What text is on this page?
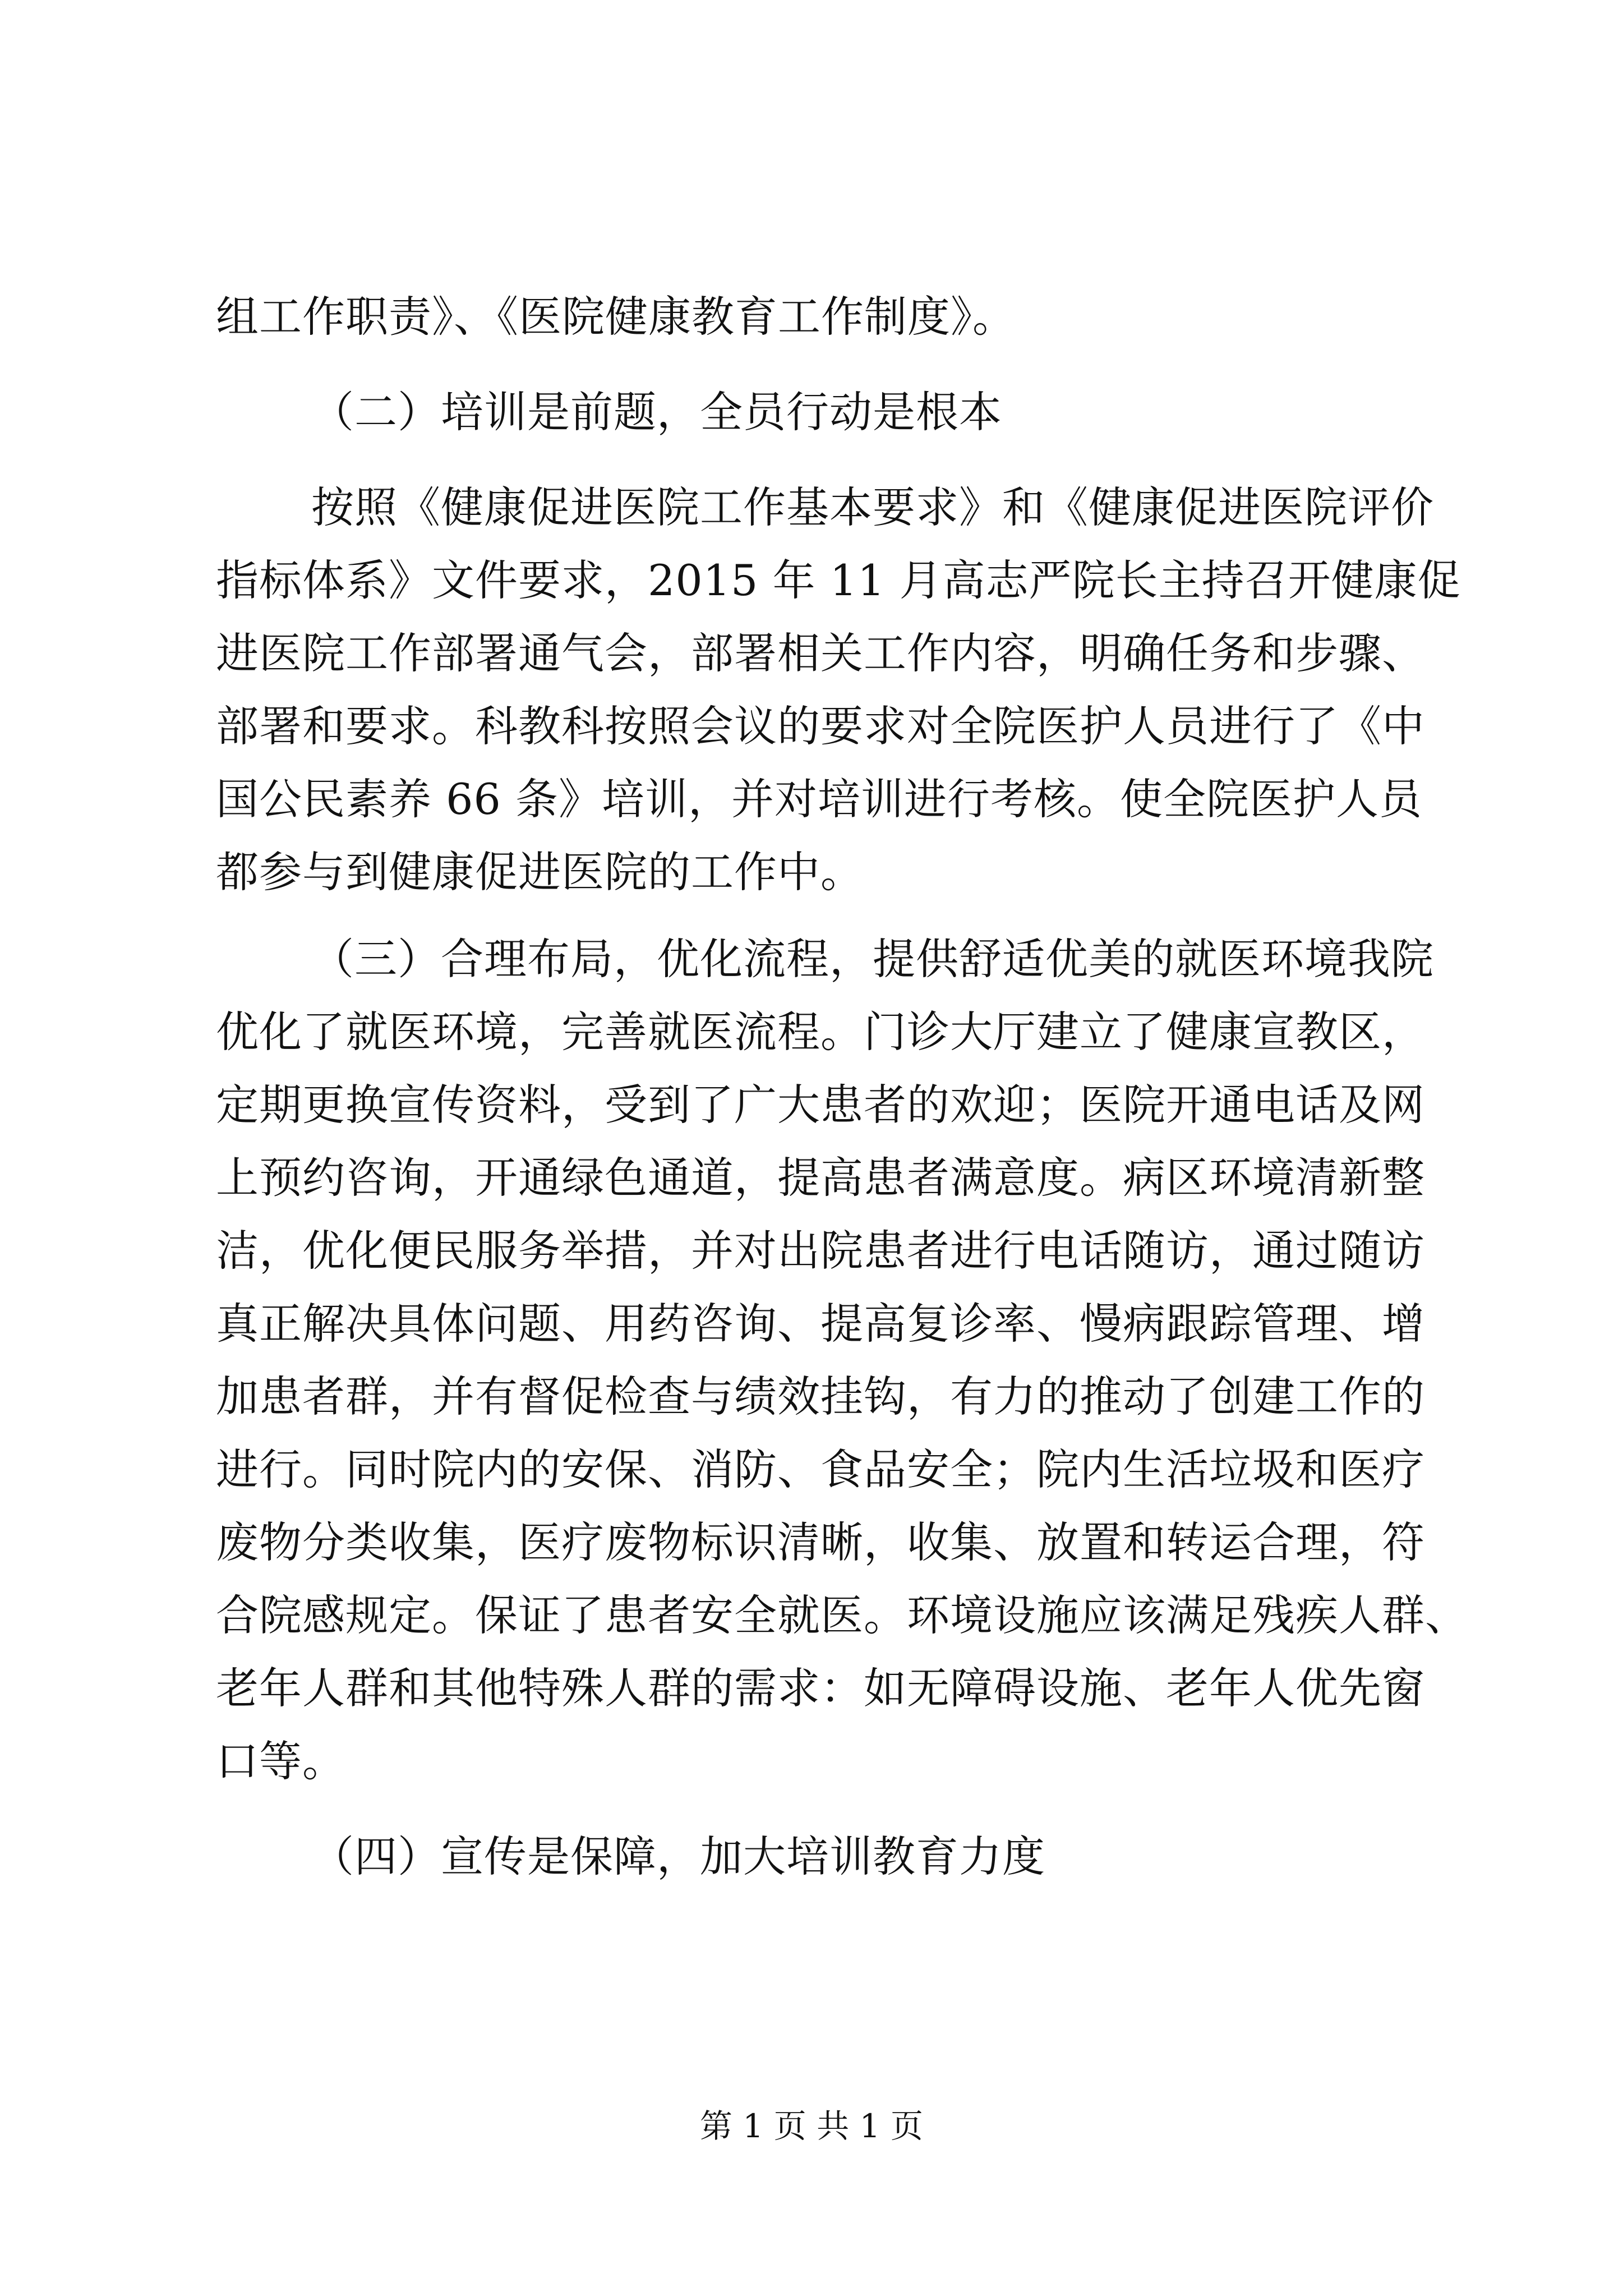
组工作职责》、《医院健康教育工作制度》。
（二）培训是前题，全员行动是根本
按照《健康促进医院工作基本要求》和《健康促进医院评价
指标体系》文件要求，2015 年 11 月高志严院长主持召开健康促
进医院工作部署通气会，部署相关工作内容，明确任务和步骤、
部署和要求。科教科按照会议的要求对全院医护人员进行了《中
国公民素养 66 条》培训，并对培训进行考核。使全院医护人员
都参与到健康促进医院的工作中。
（三）合理布局，优化流程，提供舒适优美的就医环境我院
优化了就医环境，完善就医流程。门诊大厅建立了健康宣教区，
定期更换宣传资料，受到了广大患者的欢迎；医院开通电话及网
上预约咨询，开通绿色通道，提高患者满意度。病区环境清新整
洁，优化便民服务举措，并对出院患者进行电话随访，通过随访
真正解决具体问题、用药咨询、提高复诊率、慢病跟踪管理、增
加患者群，并有督促检查与绩效挂钩，有力的推动了创建工作的
进行。同时院内的安保、消防、食品安全；院内生活垃圾和医疗
废物分类收集，医疗废物标识清晰，收集、放置和转运合理，符
合院感规定。保证了患者安全就医。环境设施应该满足残疾人群、
老年人群和其他特殊人群的需求：如无障碍设施、老年人优先窗
口等。
（四）宣传是保障，加大培训教育力度
第 1 页 共 1 页
